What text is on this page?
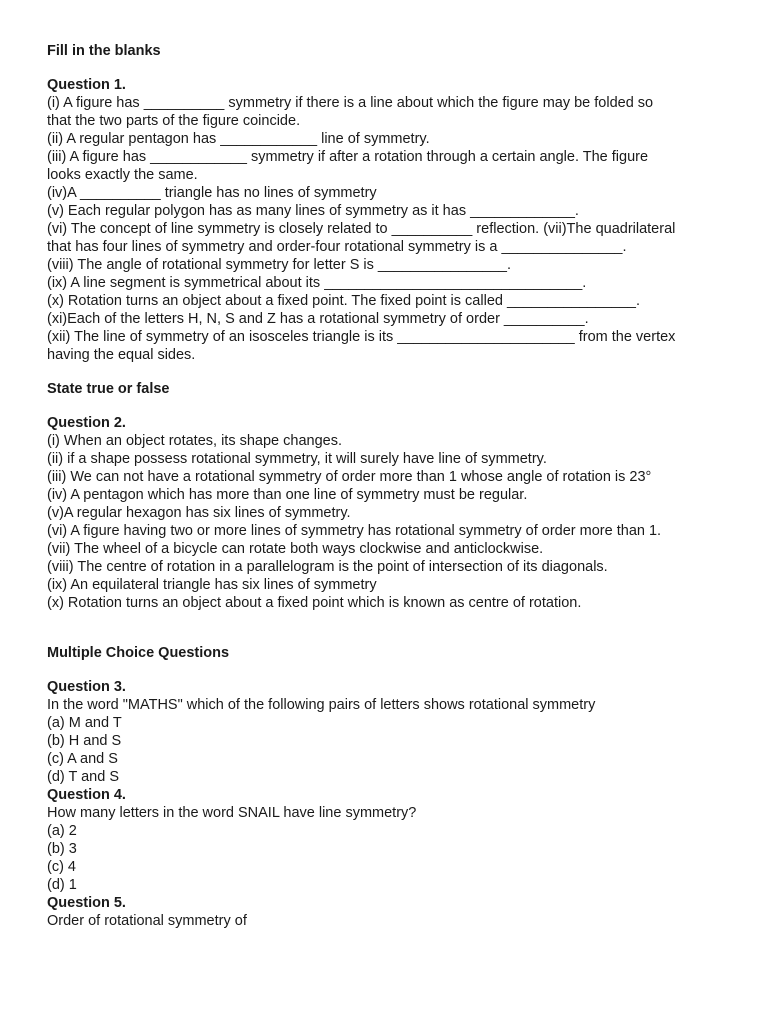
Fill in the blanks

Question 1.

(i) A figure has __________ symmetry if there is a line about which the figure may be folded so

that the two parts of the figure coincide.

(ii) A regular pentagon has ____________ line of symmetry.

(iii) A figure has ____________ symmetry if after a rotation through a certain angle. The figure

looks exactly the same.

(iv)A __________ triangle has no lines of symmetry

(v) Each regular polygon has as many lines of symmetry as it has _____________.

(vi) The concept of line symmetry is closely related to __________ reflection. (vii)The quadrilateral

that has four lines of symmetry and order-four rotational symmetry is a _______________.

(viii) The angle of rotational symmetry for letter S is ________________.

(ix) A line segment is symmetrical about its ________________________________.

(x) Rotation turns an object about a fixed point. The fixed point is called ________________.

(xi)Each of the letters H, N, S and Z has a rotational symmetry of order __________.

(xii) The line of symmetry of an isosceles triangle is its ______________________ from the vertex

having the equal sides.

State true or false

Question 2.

(i) When an object rotates, its shape changes.

(ii) if a shape possess rotational symmetry, it will surely have line of symmetry.

(iii) We can not have a rotational symmetry of order more than 1 whose angle of rotation is 23°

(iv) A pentagon which has more than one line of symmetry must be regular.

(v)A regular hexagon has six lines of symmetry.

(vi) A figure having two or more lines of symmetry has rotational symmetry of order more than 1.

(vii) The wheel of a bicycle can rotate both ways clockwise and anticlockwise.

(viii) The centre of rotation in a parallelogram is the point of intersection of its diagonals.

(ix) An equilateral triangle has six lines of symmetry

(x) Rotation turns an object about a fixed point which is known as centre of rotation.

Multiple Choice Questions

Question 3.

In the word "MATHS" which of the following pairs of letters shows rotational symmetry

(a) M and T

(b) H and S

(c) A and S

(d) T and S

Question 4.

How many letters in the word SNAIL have line symmetry?

(a) 2

(b) 3

(c) 4

(d) 1

Question 5.

Order of rotational symmetry of
